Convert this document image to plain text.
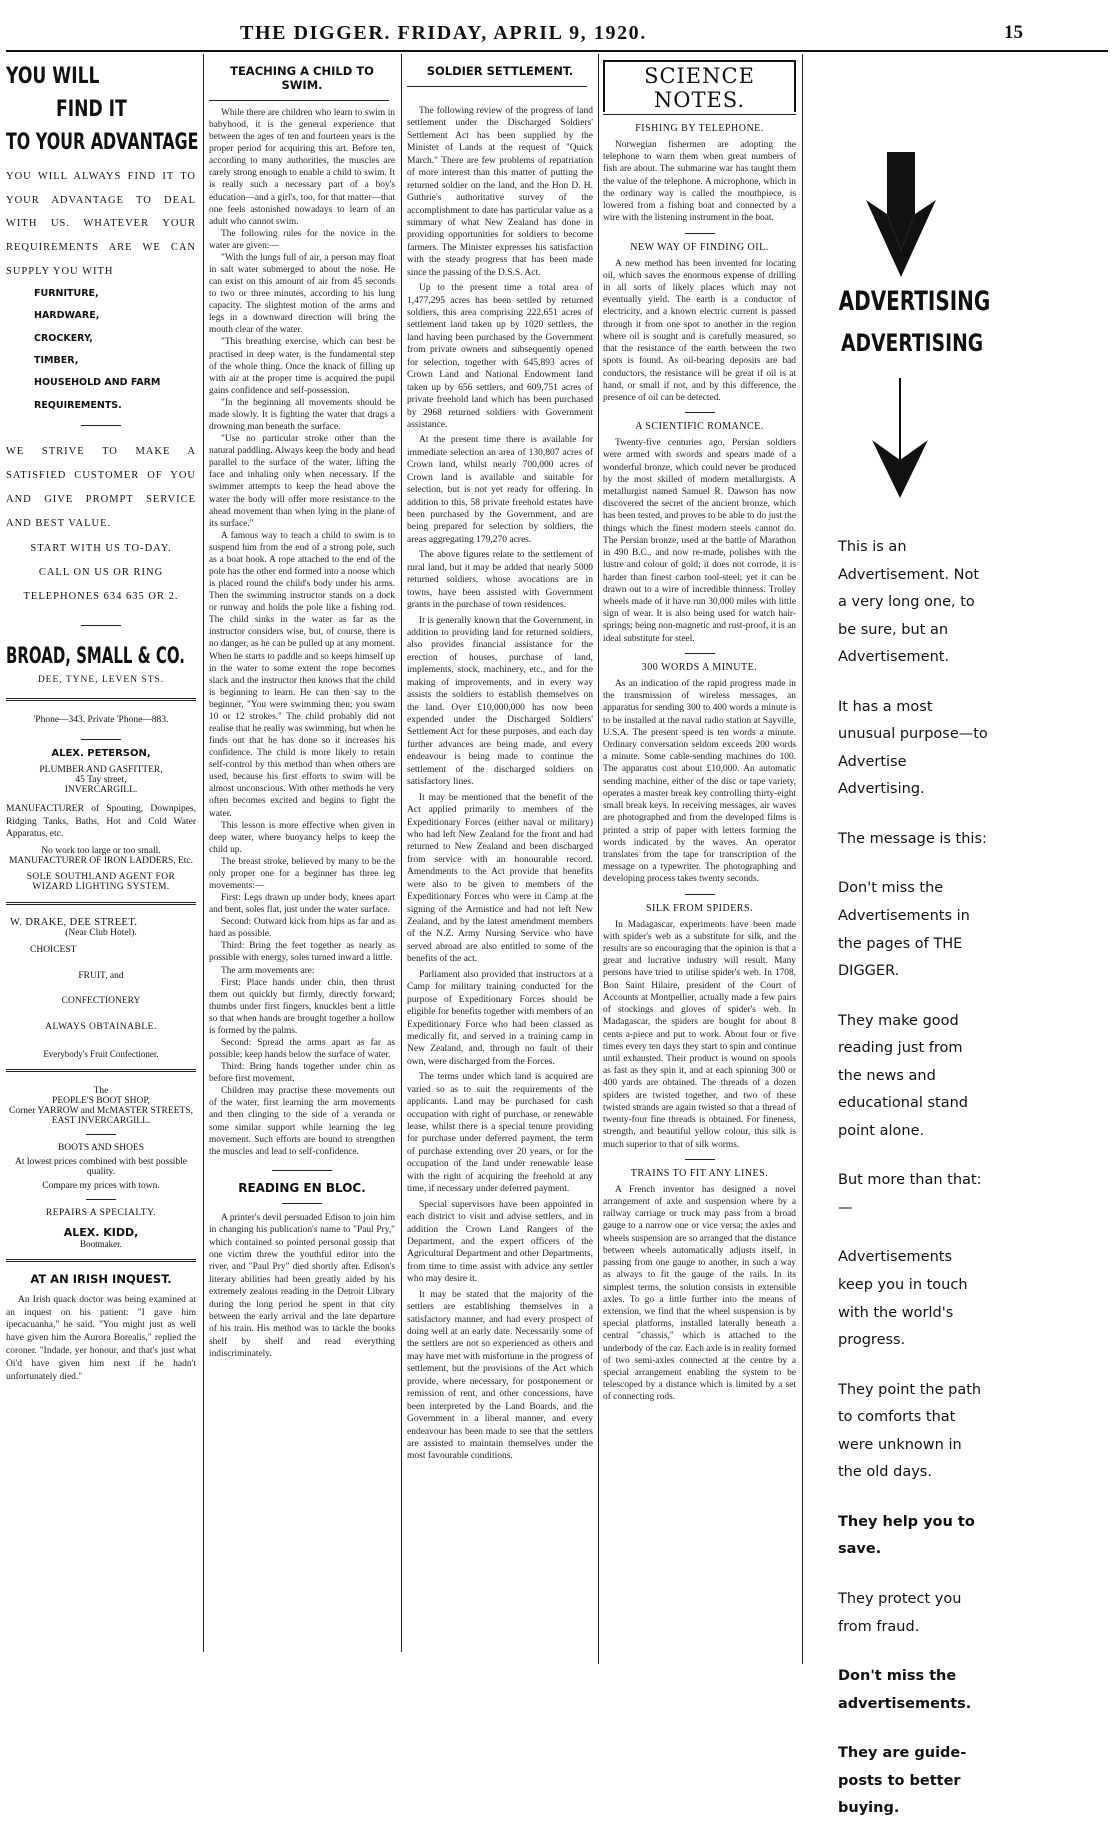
THE DIGGER. FRIDAY, APRIL 9, 1920.	15
YOU WILL
FIND IT
TO YOUR ADVANTAGE

YOU WILL ALWAYS FIND IT TO YOUR ADVANTAGE TO DEAL WITH US. WHATEVER YOUR REQUIREMENTS ARE WE CAN SUPPLY YOU WITH

FURNITURE,
HARDWARE,
CROCKERY,
TIMBER,
HOUSEHOLD AND FARM REQUIREMENTS.

WE STRIVE TO MAKE A SATISFIED CUSTOMER OF YOU AND GIVE PROMPT SERVICE AND BEST VALUE.

START WITH US TO-DAY.

CALL ON US OR RING TELEPHONES 634 635 OR 2.

BROAD, SMALL & CO.

DEE, TYNE, LEVEN STS.

'Phone—343. Private 'Phone—883.

ALEX. PETERSON,

PLUMBER AND GASFITTER,

45 Tay street,

INVERCARGILL.

MANUFACTURER of Spouting, Downpipes, Ridging Tanks, Baths, Hot and Cold Water Apparatus, etc.

No work too large or too small.

MANUFACTURER OF IRON LADDERS, Etc.

SOLE SOUTHLAND AGENT FOR WIZARD LIGHTING SYSTEM.

W. DRAKE, DEE STREET.

(Near Club Hotel).

CHOICEST

FRUIT, and

CONFECTIONERY

ALWAYS OBTAINABLE.

Everybody's Fruit Confectioner.

The

PEOPLE'S BOOT SHOP,

Corner YARROW and McMASTER STREETS,

EAST INVERCARGILL.

BOOTS AND SHOES

At lowest prices combined with best possible quality.

Compare my prices with town.

REPAIRS A SPECIALTY.

ALEX. KIDD,

Bootmaker.

AT AN IRISH INQUEST.

An Irish quack doctor was being examined at an inquest on his patient: "I gave him ipecacuanha," he said. "You might just as well have given him the Aurora Borealis," replied the coroner. "Indade, yer honour, and that's just what Oi'd have given him next if he hadn't unfortunately died."

TEACHING A CHILD TO SWIM.

While there are children who learn to swim in babyhood, it is the general experience that between the ages of ten and fourteen years is the proper period for acquiring this art. Before ten, according to many authorities, the muscles are rarely strong enough to enable a child to swim. It is really such a necessary part of a boy's education—and a girl's, too, for that matter—that one feels astonished nowadays to learn of an adult who cannot swim.

The following rules for the novice in the water are given:—

"With the lungs full of air, a person may float in salt water submerged to about the nose. He can exist on this amount of air from 45 seconds to two or three minutes, according to his lung capacity. The slightest motion of the arms and legs in a downward direction will bring the mouth clear of the water.

"This breathing exercise, which can best be practised in deep water, is the fundamental step of the whole thing. Once the knack of filling up with air at the proper time is acquired the pupil gains confidence and self-possession.

"In the beginning all movements should be made slowly. It is fighting the water that drags a drowning man beneath the surface.

"Use no particular stroke other than the natural paddling. Always keep the body and head parallel to the surface of the water, lifting the face and inhaling only when necessary. If the swimmer attempts to keep the head above the water the body will offer more resistance to the ahead movement than when lying in the plane of its surface."

A famous way to teach a child to swim is to suspend him from the end of a strong pole, such as a boat hook. A rope attached to the end of the pole has the other end formed into a noose which is placed round the child's body under his arms. Then the swimming instructor stands on a dock or runway and holds the pole like a fishing rod. The child sinks in the water as far as the instructor considers wise, but, of course, there is no danger, as he can be pulled up at any moment. When he starts to paddle and so keeps himself up in the water to some extent the rope becomes slack and the instructor then knows that the child is beginning to learn. He can then say to the beginner, "You were swimming then; you swam 10 or 12 strokes." The child probably did not realise that he really was swimming, but when he finds out that he has done so it increases his confidence. The child is more likely to retain self-control by this method than when others are used, because his first efforts to swim will be almost unconscious. With other methods he very often becomes excited and begins to fight the water.

This lesson is more effective when given in deep water, where buoyancy helps to keep the child up.

The breast stroke, believed by many to be the only proper one for a beginner has three leg movements:—

First: Legs drawn up under body, knees apart and bent, soles flat, just under the water surface.

Second: Outward kick from hips as far and as hard as possible.

Third: Bring the feet together as nearly as possible with energy, soles turned inward a little.

The arm movements are:

First: Place hands under chin, then thrust them out quickly but firmly, directly forward; thumbs under first fingers, knuckles bent a little so that when hands are brought together a hollow is formed by the palms.

Second: Spread the arms apart as far as possible; keep hands below the surface of water.

Third: Bring hands together under chin as before first movement.

Children may practise these movements out of the water, first learning the arm movements and then clinging to the side of a veranda or some similar support while learning the leg movement. Such efforts are bound to strengthen the muscles and lead to self-confidence.

READING EN BLOC.

A printer's devil persuaded Edison to join him in changing his publication's name to "Paul Pry," which contained so pointed personal gossip that one victim threw the youthful editor into the river, and "Paul Pry" died shortly after. Edison's literary abilities had been greatly aided by his extremely zealous reading in the Detroit Library during the long period he spent in that city between the early arrival and the late departure of his train. His method was to tackle the books shelf by shelf and read everything indiscriminately.

SOLDIER SETTLEMENT.

The following review of the progress of land settlement under the Discharged Soldiers' Settlement Act has been supplied by the Minister of Lands at the request of "Quick March." There are few problems of repatriation of more interest than this matter of putting the returned soldier on the land, and the Hon D. H. Guthrie's authoritative survey of the accomplishment to date has particular value as a summary of what New Zealand has done in providing opportunities for soldiers to become farmers. The Minister expresses his satisfaction with the steady progress that has been made since the passing of the D.S.S. Act.

Up to the present time a total area of 1,477,295 acres has been settled by returned soldiers, this area comprising 222,651 acres of settlement land taken up by 1020 settlers, the land having been purchased by the Government from private owners and subsequently opened for selection, together with 645,893 acres of Crown Land and National Endowment land taken up by 656 settlers, and 609,751 acres of private freehold land which has been purchased by 2968 returned soldiers with Government assistance.

At the present time there is available for immediate selection an area of 130,807 acres of Crown land, whilst nearly 700,000 acres of Crown land is available and suitable for selection, but is not yet ready for offering. In addition to this, 58 private freehold estates have been purchased by the Government, and are being prepared for selection by soldiers, the areas aggregating 179,270 acres.

The above figures relate to the settlement of rural land, but it may be added that nearly 5000 returned soldiers, whose avocations are in towns, have been assisted with Government grants in the purchase of town residences.

It is generally known that the Government, in addition to providing land for returned soldiers, also provides financial assistance for the erection of houses, purchase of land, implements, stock, machinery, etc., and for the making of improvements, and in every way assists the soldiers to establish themselves on the land. Over £10,000,000 has now been expended under the Discharged Soldiers' Settlement Act for these purposes, and each day further advances are being made, and every endeavour is being made to continue the settlement of the discharged soldiers on satisfactory lines.

It may be mentioned that the benefit of the Act applied primarily to members of the Expeditionary Forces (either naval or military) who had left New Zealand for the front and had returned to New Zealand and been discharged from service with an honourable record. Amendments to the Act provide that benefits were also to be given to members of the Expeditionary Forces who were in Camp at the signing of the Armistice and had not left New Zealand, and by the latest amendment members of the N.Z. Army Nursing Service who have served abroad are also entitled to some of the benefits of the act.

Parliament also provided that instructors at a Camp for military training conducted for the purpose of Expeditionary Forces should be eligible for benefits together with members of an Expeditionary Force who had been classed as medically fit, and served in a training camp in New Zealand, and, through no fault of their own, were discharged from the Forces.

The terms under which land is acquired are varied so as to suit the requirements of the applicants. Land may be purchased for cash occupation with right of purchase, or renewable lease, whilst there is a special tenure providing for purchase under deferred payment, the term of purchase extending over 20 years, or for the occupation of the land under renewable lease with the right of acquiring the freehold at any time, if necessary under deferred payment.

Special supervisors have been appointed in each district to visit and advise settlers, and in addition the Crown Land Rangers of the Department, and the expert officers of the Agricultural Department and other Departments, from time to time assist with advice any settler who may desire it.

It may be stated that the majority of the settlers are establishing themselves in a satisfactory manner, and had every prospect of doing well at an early date. Necessarily some of the settlers are not so experienced as others and may have met with misfortune in the progress of settlement, but the provisions of the Act which provide, where necessary, for postponement or remission of rent, and other concessions, have been interpreted by the Land Boards, and the Government in a liberal manner, and every endeavour has been made to see that the settlers are assisted to maintain themselves under the most favourable conditions.

SCIENCE NOTES.
FISHING BY TELEPHONE.

Norwegian fishermen are adopting the telephone to warn them when great numbers of fish are about. The submarine war has taught them the value of the telephone. A microphone, which in the ordinary way is called the mouthpiece, is lowered from a fishing boat and connected by a wire with the listening instrument in the boat.

NEW WAY OF FINDING OIL.

A new method has been invented for locating oil, which saves the enormous expense of drilling in all sorts of likely places which may not eventually yield. The earth is a conductor of electricity, and a known electric current is passed through it from one spot to another in the region where oil is sought and is carefully measured, so that the resistance of the earth between the two spots is found. As oil-bearing deposits are bad conductors, the resistance will be great if oil is at hand, or small if not, and by this difference, the presence of oil can be detected.

A SCIENTIFIC ROMANCE.

Twenty-five centuries ago, Persian soldiers were armed with swords and spears made of a wonderful bronze, which could never be produced by the most skilled of modern metallurgists. A metallurgist named Samuel R. Dawson has now discovered the secret of the ancient bronze, which has been tested, and proves to be able to do just the things which the finest modern steels cannot do. The Persian bronze, used at the battle of Marathon in 490 B.C., and now re-made, polishes with the lustre and colour of gold; it does not corrode, it is harder than finest carbon tool-steel; yet it can be drawn out to a wire of incredible thinness. Trolley wheels made of it have run 30,000 miles with little sign of wear. It is also being used for watch hair-springs; being non-magnetic and rust-proof, it is an ideal substitute for steel.

300 WORDS A MINUTE.

As an indication of the rapid progress made in the transmission of wireless messages, an apparatus for sending 300 to 400 words a minute is to be installed at the naval radio station at Sayville, U.S.A. The present speed is ten words a minute. Ordinary conversation seldom exceeds 200 words a minute. Some cable-sending machines do 100. The apparatus cost about £10,000. An automatic sending machine, either of the disc or tape variety, operates a master break key controlling thirty-eight small break keys. In receiving messages, air waves are photographed and from the developed films is printed a strip of paper with letters forming the words indicated by the waves. An operator translates from the tape for transcription of the message on a typewriter. The photographing and developing process takes twenty seconds.

SILK FROM SPIDERS.

In Madagascar, experiments have been made with spider's web as a substitute for silk, and the results are so encouraging that the opinion is that a great and lucrative industry will result. Many persons have tried to utilise spider's web. In 1708, Bon Saint Hilaire, president of the Court of Accounts at Montpellier, actually made a few pairs of stockings and gloves of spider's web. In Madagascar, the spiders are bought for about 8 cents a-piece and put to work. About four or five times every ten days they start to spin and continue until exhausted. Their product is wound on spools as fast as they spin it, and at each spinning 300 or 400 yards are obtained. The threads of a dozen spiders are twisted together, and two of these twisted strands are again twisted so that a thread of twenty-four fine threads is obtained. For fineness, strength, and beautiful yellow colour, this silk is much superior to that of silk worms.

TRAINS TO FIT ANY LINES.

A French inventor has designed a novel arrangement of axle and suspension where by a railway carriage or truck may pass from a broad gauge to a narrow one or vice versa; the axles and wheels suspension are so arranged that the distance between wheels automatically adjusts itself, in passing from one gauge to another, in such a way as always to fit the gauge of the rails. In its simplest terms, the solution consists in extensible axles. To go a little further into the means of extension, we find that the wheel suspension is by special platforms, installed laterally beneath a central "chassis," which is attached to the underbody of the car. Each axle is in reality formed of two semi-axles connected at the centre by a special arrangement enabling the system to be telescoped by a distance which is limited by a set of connecting rods.

ADVERTISING
ADVERTISING

This is an Advertisement. Not a very long one, to be sure, but an Advertisement.

It has a most unusual purpose—to Advertise Advertising.

The message is this:

Don't miss the Advertisements in the pages of THE DIGGER.

They make good reading just from the news and educational stand point alone.

But more than that:—

Advertisements keep you in touch with the world's progress.

They point the path to comforts that were unknown in the old days.

They help you to save.

They protect you from fraud.

Don't miss the advertisements.

They are guide-posts to better buying.
